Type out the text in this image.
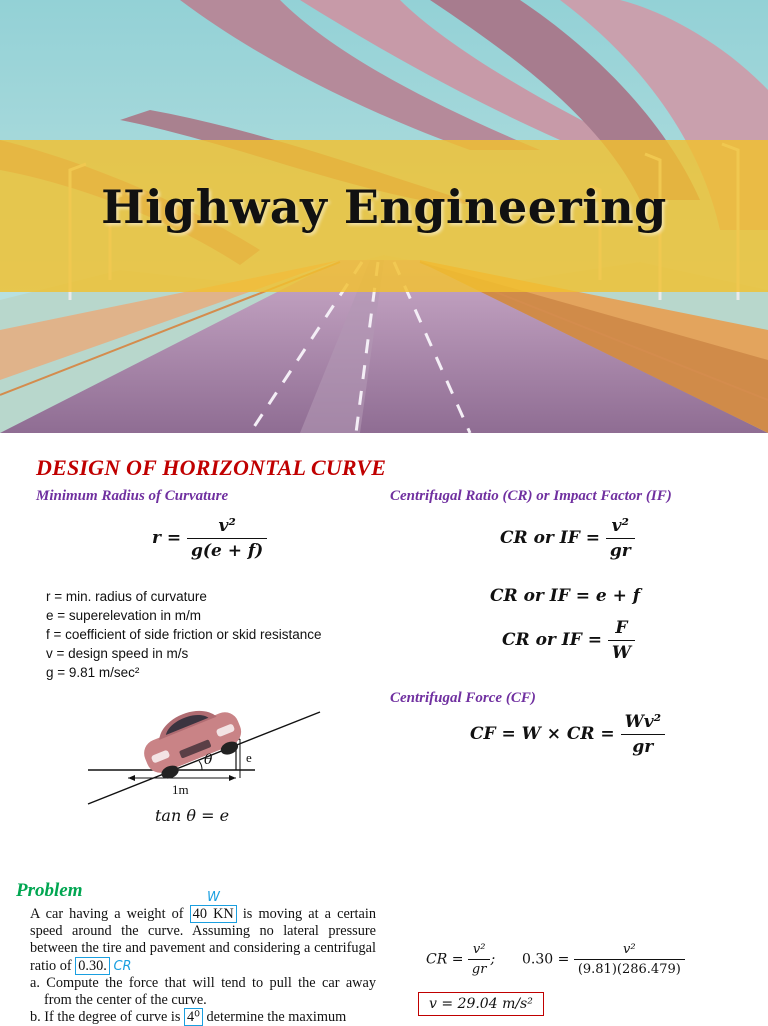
Highway Engineering
DESIGN OF HORIZONTAL CURVE
Minimum Radius of Curvature	Centrifugal Ratio (CR) or Impact Factor (IF)
$r = \frac{\text{v²}}{g(e + f)}$
r = min. radius of curvature
e = superelevation in m/m
f = coefficient of side friction or skid resistance
v = design speed in m/s
g = 9.81 m/sec²
CR or IF = $\frac{\text{v²}}{gr}$
CR or IF = e + f
CR or IF = $\frac{F}{W}$
Centrifugal Force (CF)
CF = W × CR = $\frac{\text{Wv²}}{gr}$
θ	e
1m
tan θ = e
Problem	W
A car having a weight of 40 KN is moving at a certain speed around the curve. Assuming no lateral pressure between the tire and pavement and considering a centrifugal ratio of 0.30. CR
a. Compute the force that will tend to pull the car away from the center of the curve.
b. If the degree of curve is 4⁰ determine the maximum
CR = $\frac{\text{v²}}{gr}$ ; $0.30 = \frac{\text{v²}}{(9.81)(286.479)}$
v = 29.04 m/s²
